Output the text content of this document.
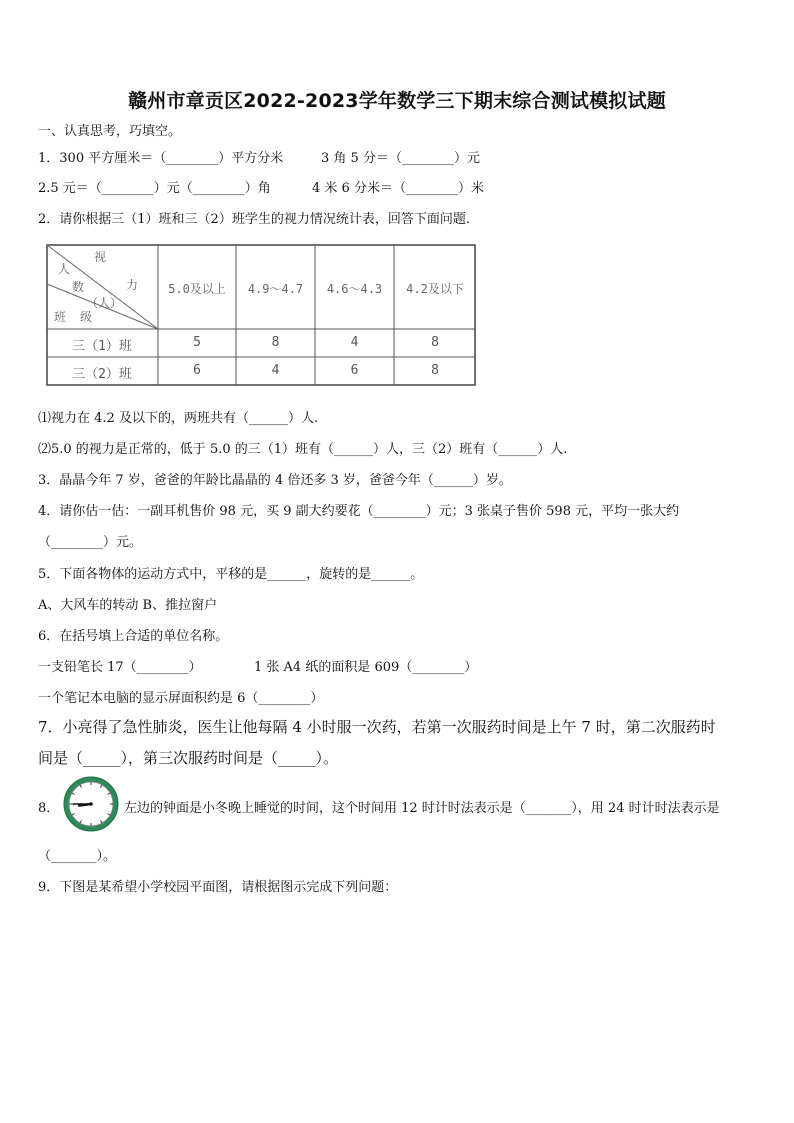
赣州市章贡区2022-2023学年数学三下期末综合测试模拟试题
一、认真思考，巧填空。
1．300 平方厘米＝（________）平方分米	3 角 5 分＝（________）元
2.5 元＝（________）元（________）角	4 米 6 分米＝（________）米
2．请你根据三（1）班和三（2）班学生的视力情况统计表，回答下面问题.
视
力
人
数
（人）
班 级
5.0及以上	4.9～4.7	4.6～4.3	4.2及以下
三（1）班	5	8	4	8
三（2）班	6	4	6	8
⑴视力在 4.2 及以下的，两班共有（______）人.
⑵5.0 的视力是正常的，低于 5.0 的三（1）班有（______）人，三（2）班有（______）人.
3．晶晶今年 7 岁，爸爸的年龄比晶晶的 4 倍还多 3 岁，爸爸今年（______）岁。
4．请你估一估：一副耳机售价 98 元，买 9 副大约要花（________）元；3 张桌子售价 598 元，平均一张大约
（________）元。
5．下面各物体的运动方式中，平移的是______，旋转的是______。
A、大风车的转动 B、推拉窗户
6．在括号填上合适的单位名称。
一支铅笔长 17（________）	1 张 A4 纸的面积是 609（________）
一个笔记本电脑的显示屏面积约是 6（________）
7．小亮得了急性肺炎，医生让他每隔 4 小时服一次药，若第一次服药时间是上午 7 时，第二次服药时
间是（_____），第三次服药时间是（_____）。
8．	左边的钟面是小冬晚上睡觉的时间，这个时间用 12 时计时法表示是（_______），用 24 时计时法表示是
（_______）。
9．下图是某希望小学校园平面图，请根据图示完成下列问题：
